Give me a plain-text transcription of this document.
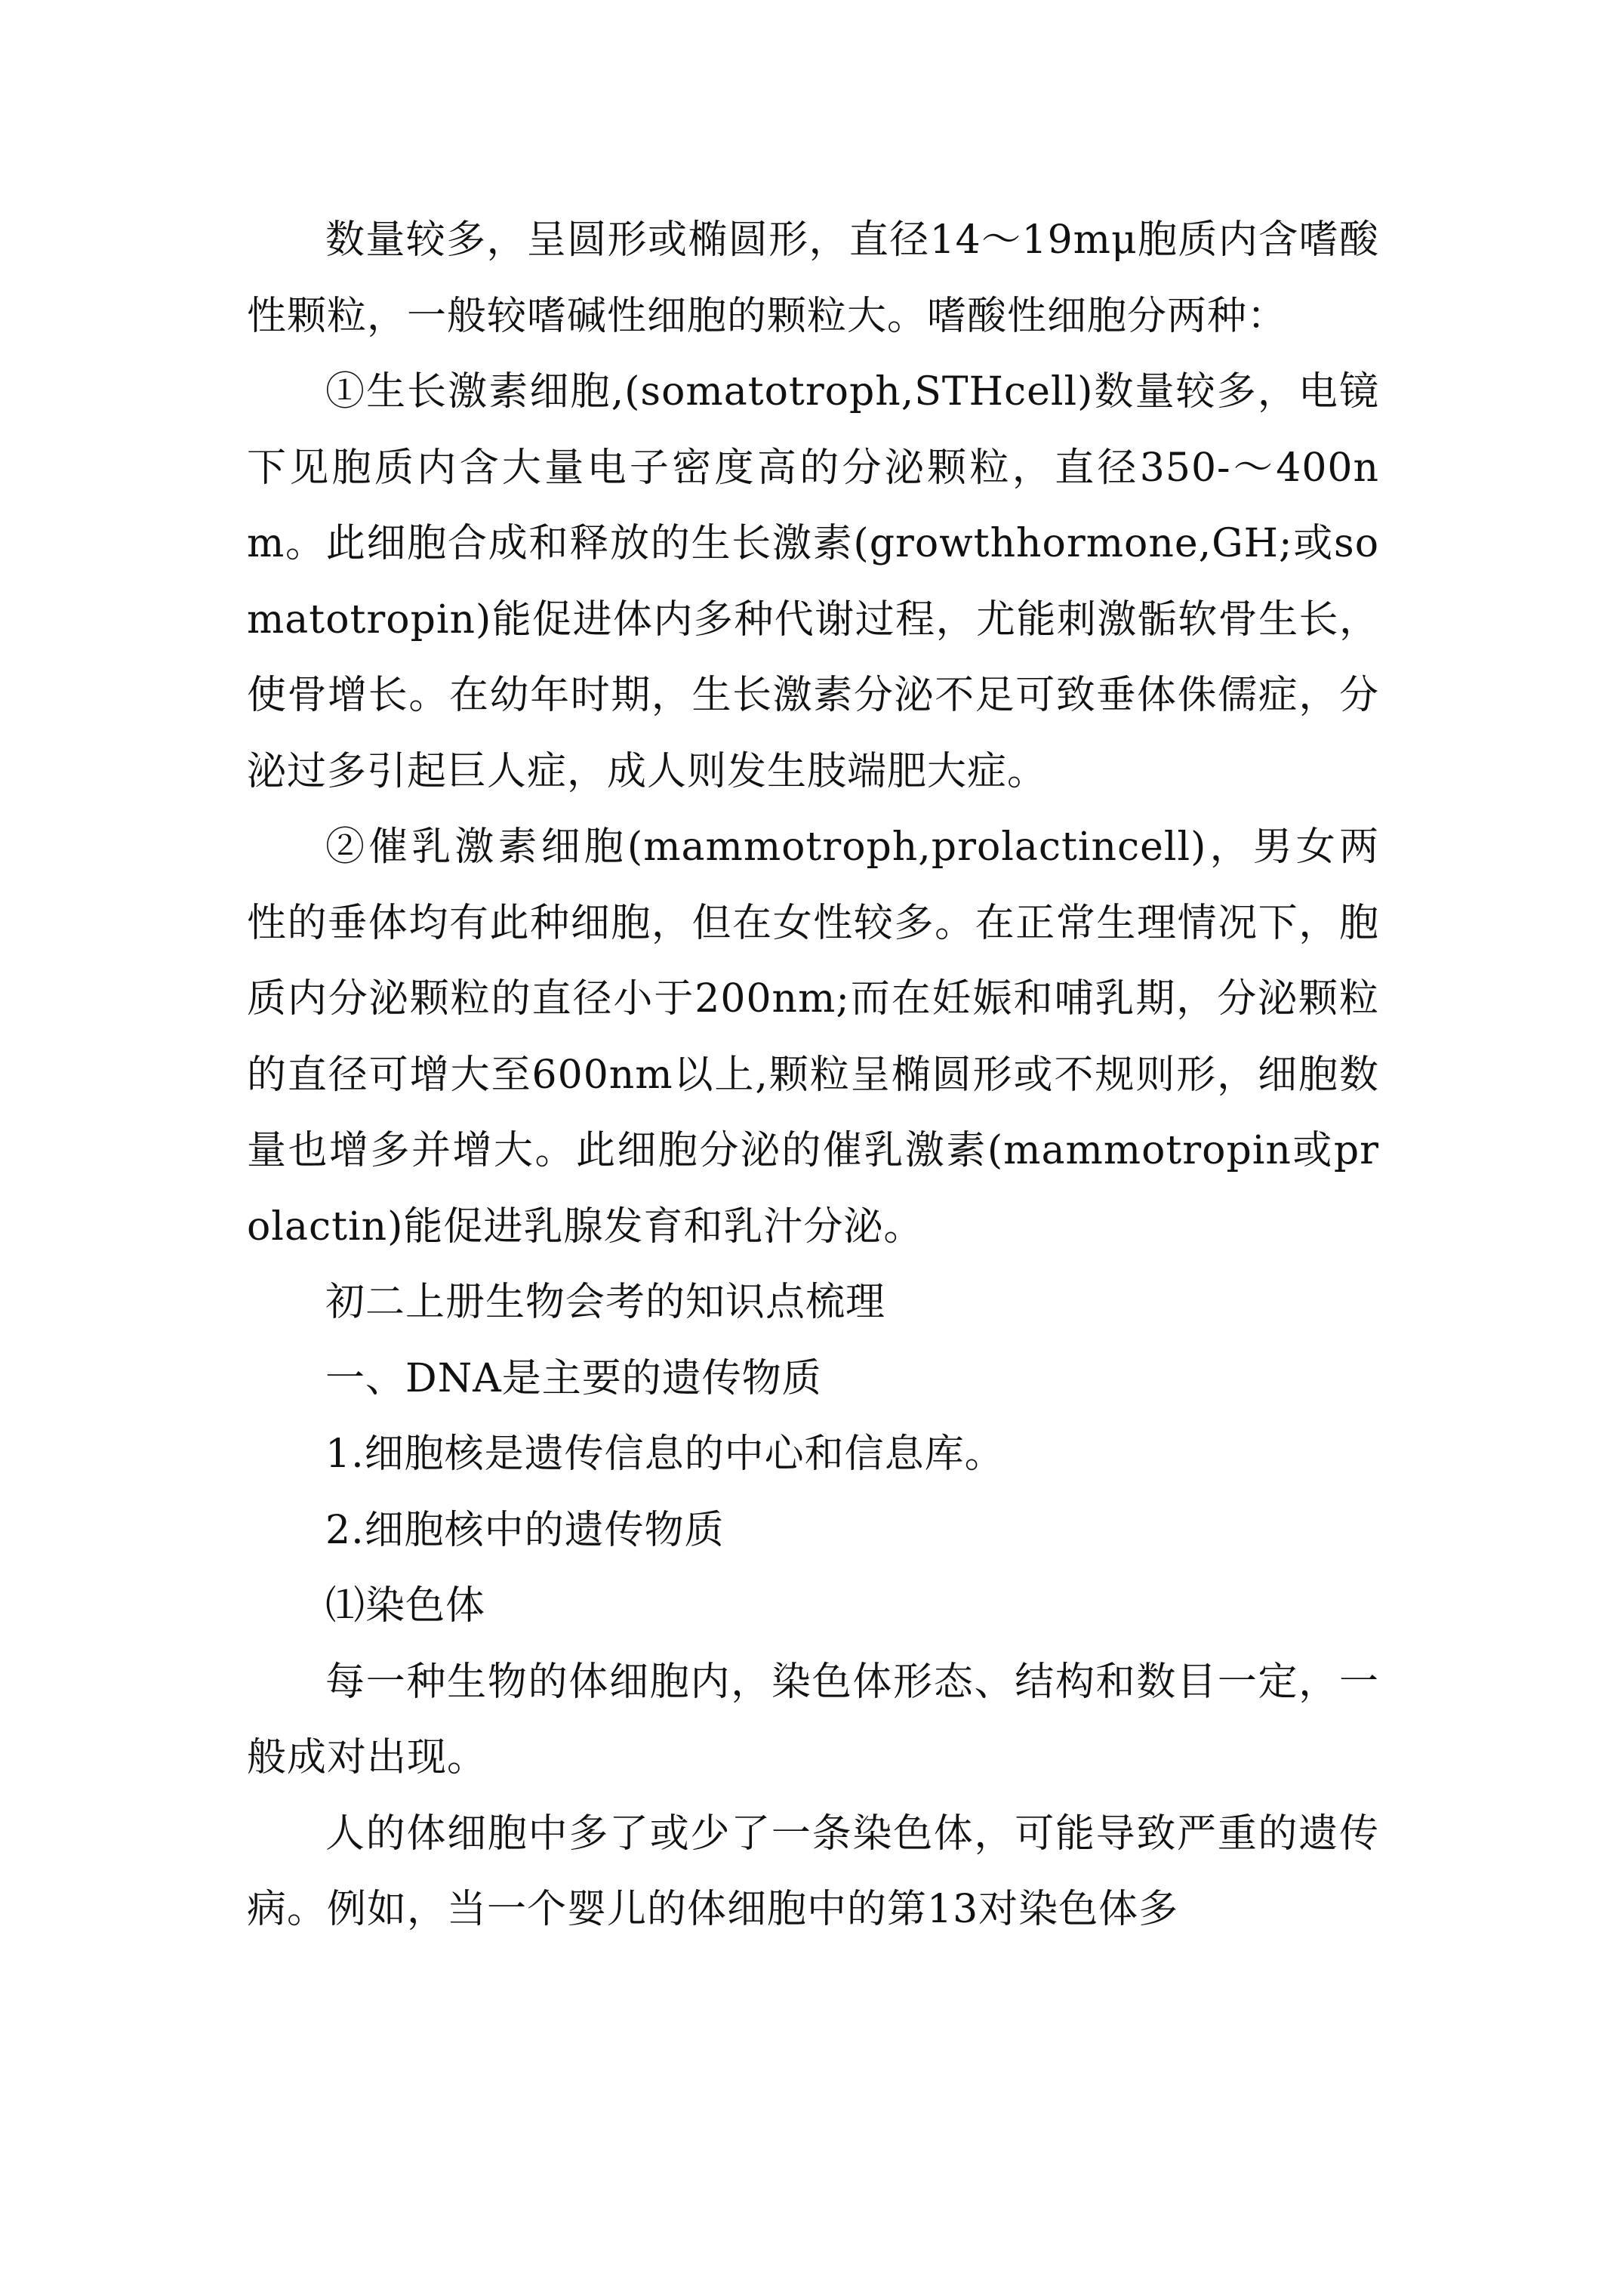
数量较多，呈圆形或椭圆形，直径14～19mμ胞质内含嗜酸性颗粒，一般较嗜碱性细胞的颗粒大。嗜酸性细胞分两种：

①生长激素细胞,(somatotroph,STHcell)数量较多，电镜下见胞质内含大量电子密度高的分泌颗粒，直径350-～400nm。此细胞合成和释放的生长激素(growthhormone,GH;或somatotropin)能促进体内多种代谢过程，尤能刺激骺软骨生长，使骨增长。在幼年时期，生长激素分泌不足可致垂体侏儒症，分泌过多引起巨人症，成人则发生肢端肥大症。

②催乳激素细胞(mammotroph,prolactincell)，男女两性的垂体均有此种细胞，但在女性较多。在正常生理情况下，胞质内分泌颗粒的直径小于200nm;而在妊娠和哺乳期，分泌颗粒的直径可增大至600nm以上,颗粒呈椭圆形或不规则形，细胞数量也增多并增大。此细胞分泌的催乳激素(mammotropin或prolactin)能促进乳腺发育和乳汁分泌。

初二上册生物会考的知识点梳理

一、DNA是主要的遗传物质

1.细胞核是遗传信息的中心和信息库。

2.细胞核中的遗传物质

⑴染色体

每一种生物的体细胞内，染色体形态、结构和数目一定，一般成对出现。

人的体细胞中多了或少了一条染色体，可能导致严重的遗传病。例如，当一个婴儿的体细胞中的第13对染色体多
